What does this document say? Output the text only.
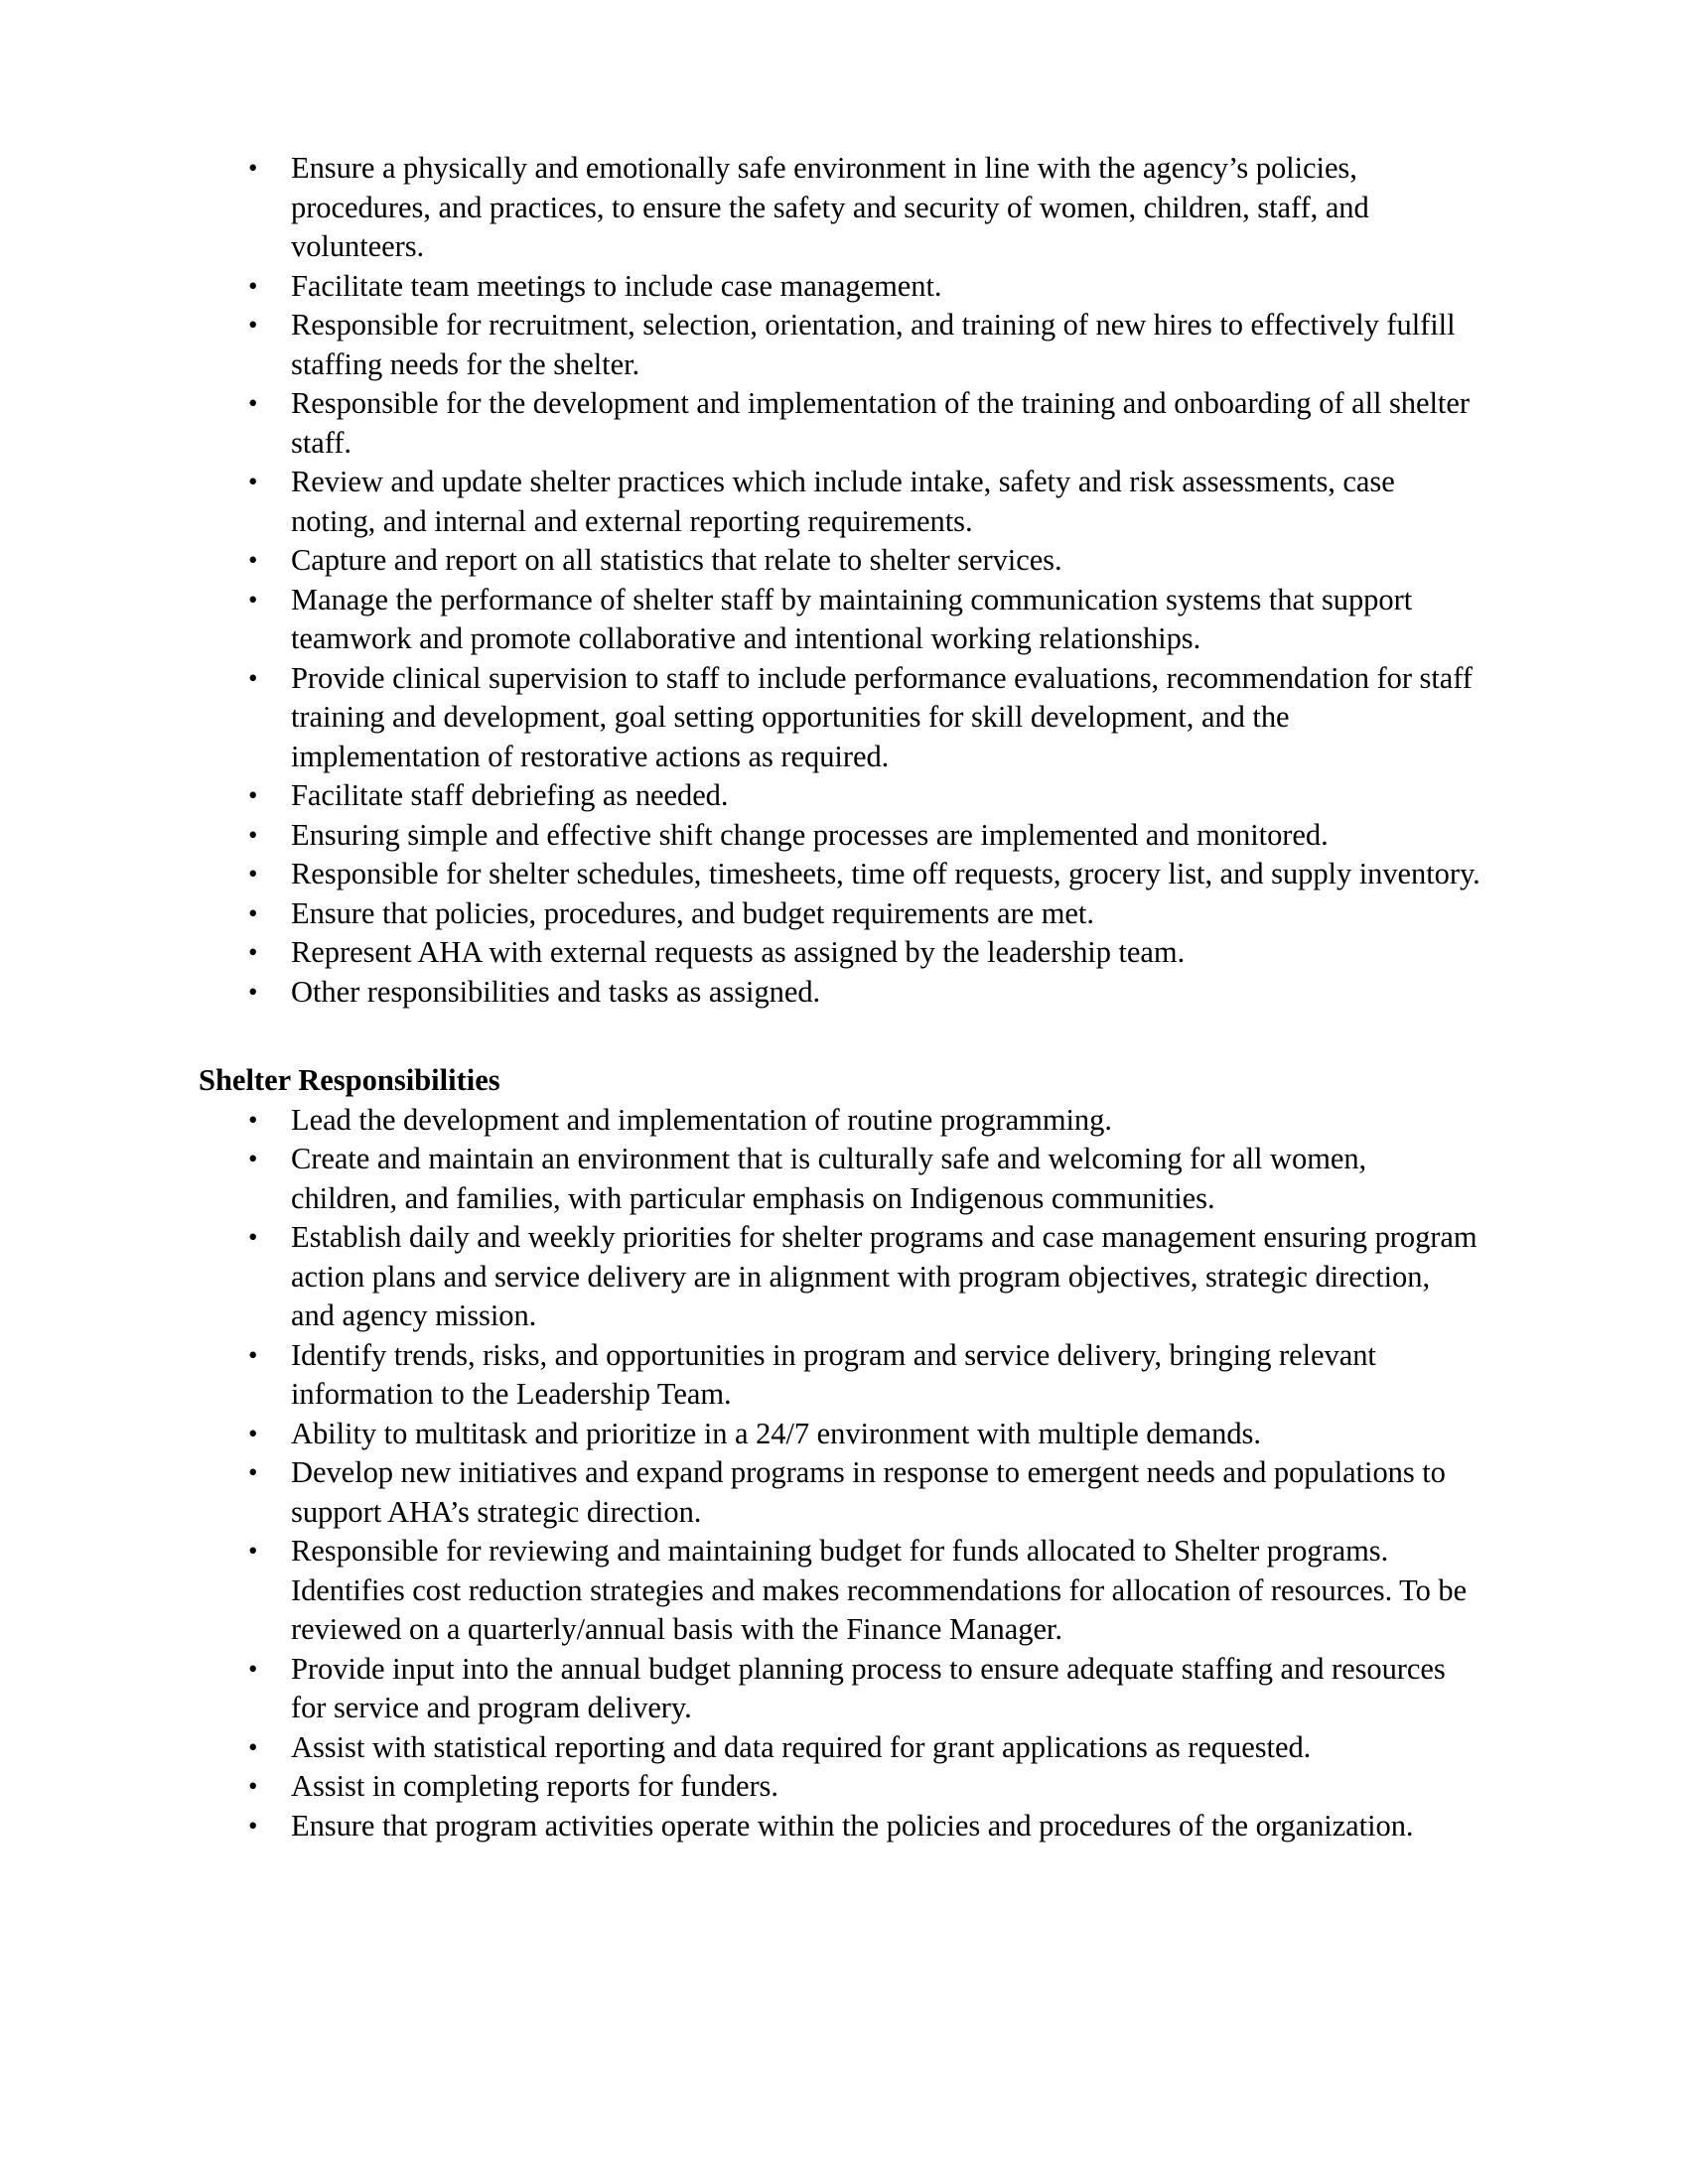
• Ensure a physically and emotionally safe environment in line with the agency’s policies, procedures, and practices, to ensure the safety and security of women, children, staff, and volunteers.
• Facilitate team meetings to include case management.
• Responsible for recruitment, selection, orientation, and training of new hires to effectively fulfill staffing needs for the shelter.
• Responsible for the development and implementation of the training and onboarding of all shelter staff.
• Review and update shelter practices which include intake, safety and risk assessments, case noting, and internal and external reporting requirements.
• Capture and report on all statistics that relate to shelter services.
• Manage the performance of shelter staff by maintaining communication systems that support teamwork and promote collaborative and intentional working relationships.
• Provide clinical supervision to staff to include performance evaluations, recommendation for staff training and development, goal setting opportunities for skill development, and the implementation of restorative actions as required.
• Facilitate staff debriefing as needed.
• Ensuring simple and effective shift change processes are implemented and monitored.
• Responsible for shelter schedules, timesheets, time off requests, grocery list, and supply inventory.
• Ensure that policies, procedures, and budget requirements are met.
• Represent AHA with external requests as assigned by the leadership team.
• Other responsibilities and tasks as assigned.

Shelter Responsibilities

• Lead the development and implementation of routine programming.
• Create and maintain an environment that is culturally safe and welcoming for all women, children, and families, with particular emphasis on Indigenous communities.
• Establish daily and weekly priorities for shelter programs and case management ensuring program action plans and service delivery are in alignment with program objectives, strategic direction, and agency mission.
• Identify trends, risks, and opportunities in program and service delivery, bringing relevant information to the Leadership Team.
• Ability to multitask and prioritize in a 24/7 environment with multiple demands.
• Develop new initiatives and expand programs in response to emergent needs and populations to support AHA’s strategic direction.
• Responsible for reviewing and maintaining budget for funds allocated to Shelter programs. Identifies cost reduction strategies and makes recommendations for allocation of resources. To be reviewed on a quarterly/annual basis with the Finance Manager.
• Provide input into the annual budget planning process to ensure adequate staffing and resources for service and program delivery.
• Assist with statistical reporting and data required for grant applications as requested.
• Assist in completing reports for funders.
• Ensure that program activities operate within the policies and procedures of the organization.
